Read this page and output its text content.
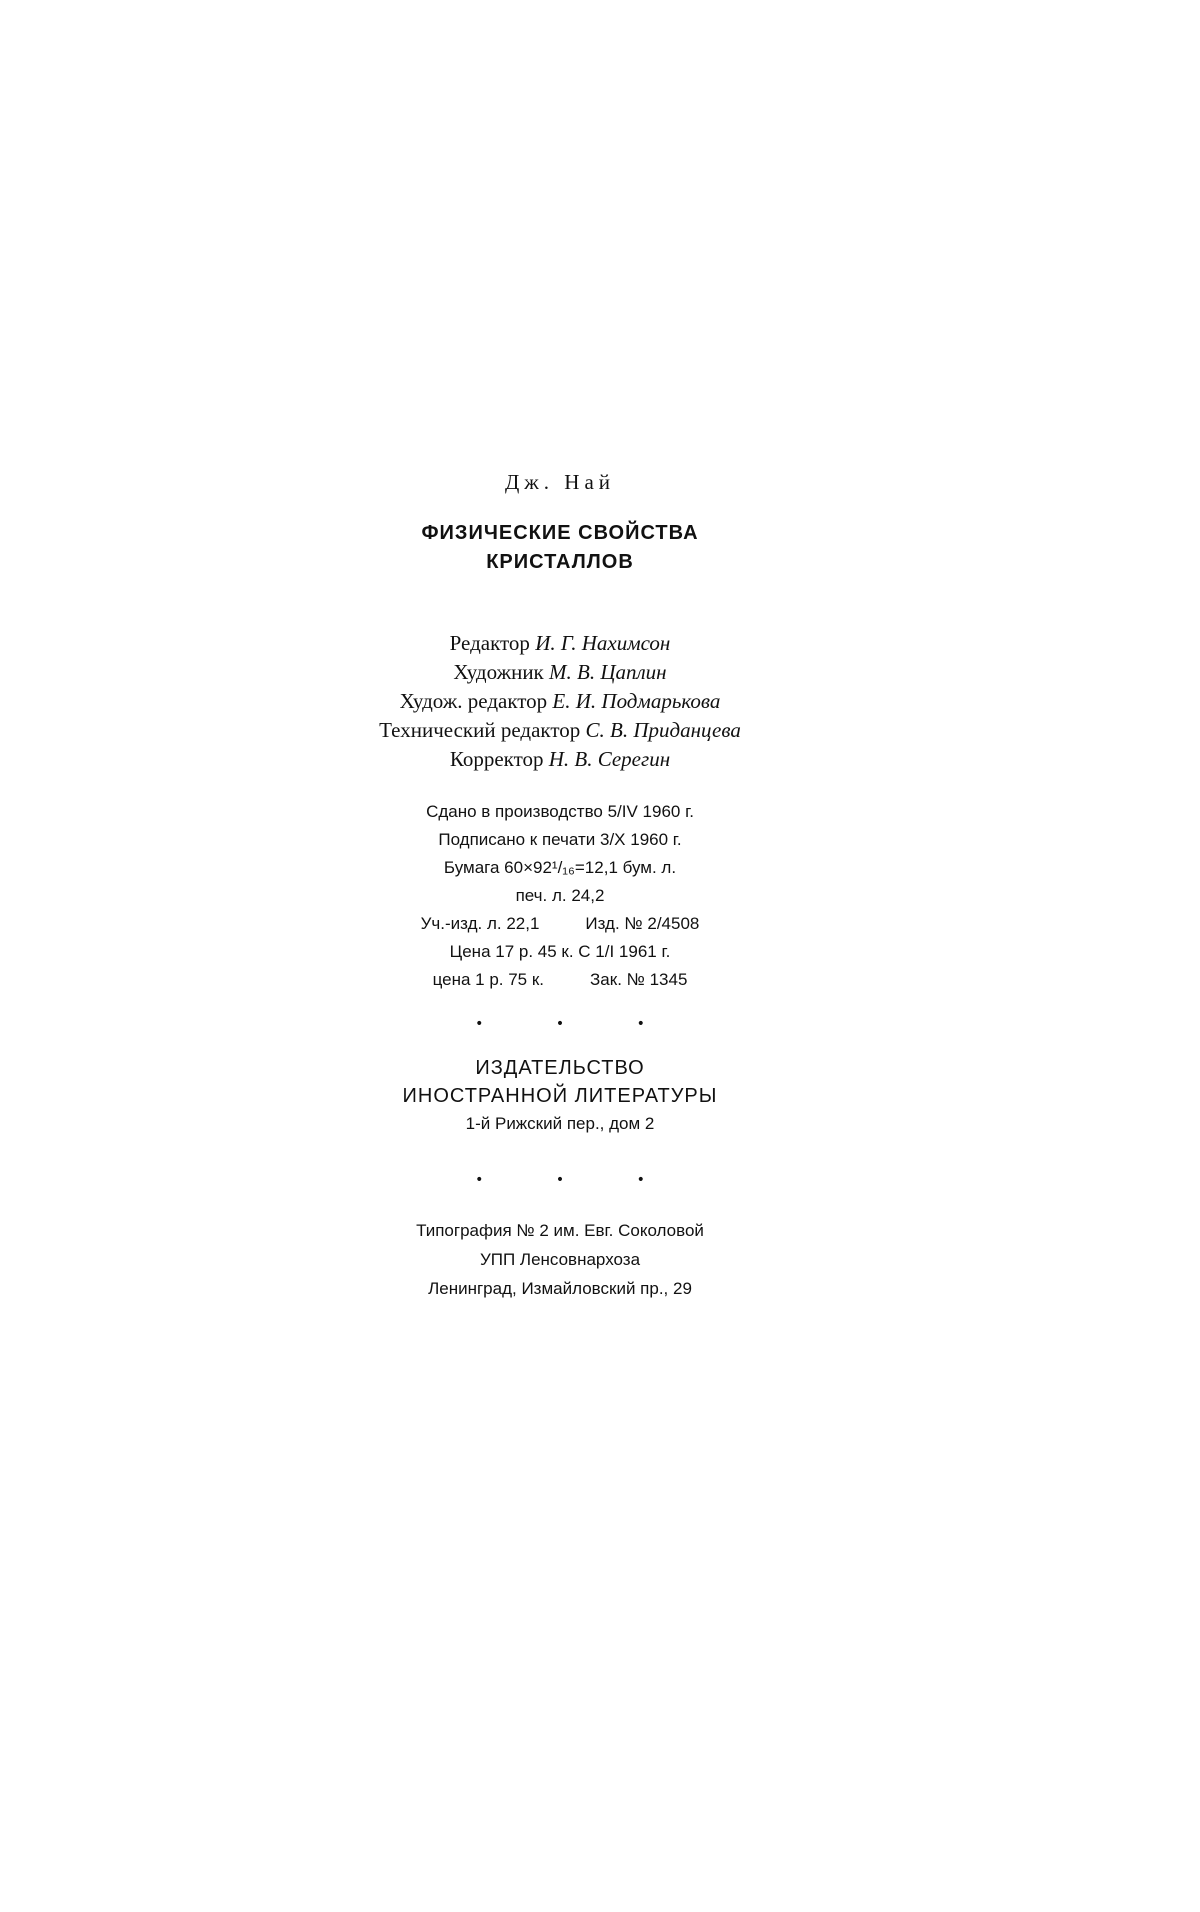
Дж. Най
ФИЗИЧЕСКИЕ СВОЙСТВА
КРИСТАЛЛОВ
Редактор И. Г. Нахимсон
Художник М. В. Цаплин
Худож. редактор Е. И. Подмарькова
Технический редактор С. В. Приданцева
Корректор Н. В. Серегин
Сдано в производство 5/IV 1960 г.
Подписано к печати 3/X 1960 г.
Бумага 60×92¹/₁₆=12,1 бум. л.
печ. л. 24,2
Уч.-изд. л. 22,1	Изд. № 2/4508
Цена 17 р. 45 к. С 1/I 1961 г.
цена 1 р. 75 к.	Зак. № 1345
• • •
ИЗДАТЕЛЬСТВО
ИНОСТРАННОЙ ЛИТЕРАТУРЫ
1-й Рижский пер., дом 2
• • •
Типография № 2 им. Евг. Соколовой
УПП Ленсовнархоза
Ленинград, Измайловский пр., 29
